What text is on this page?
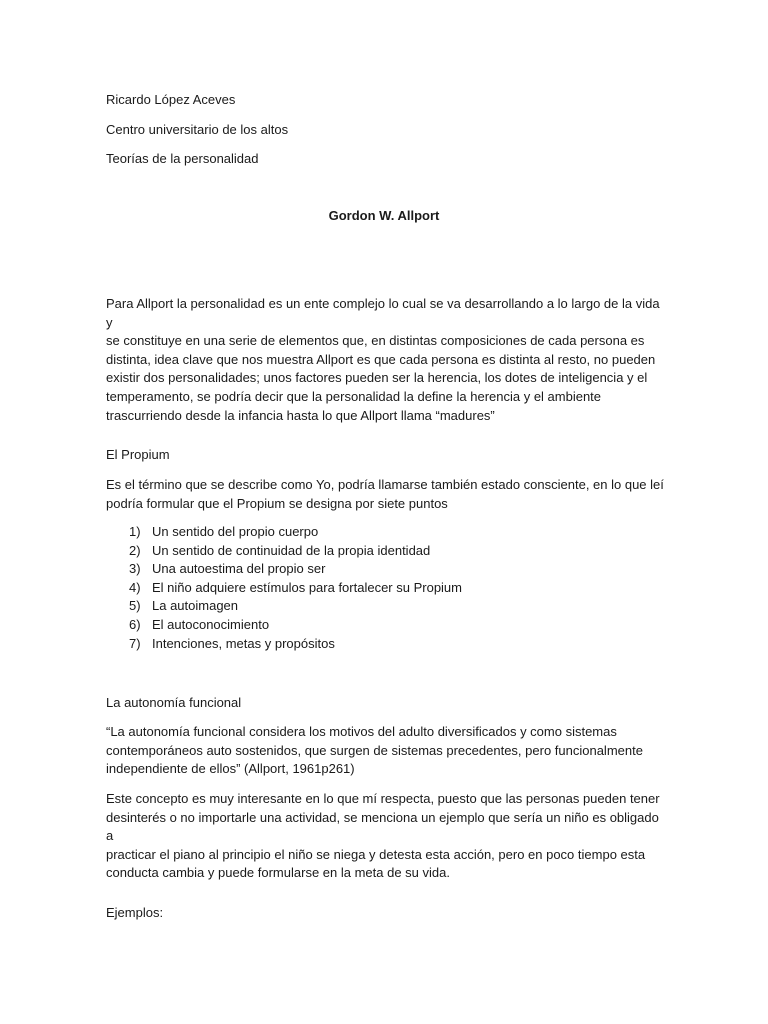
Ricardo López Aceves
Centro universitario de los altos
Teorías de la personalidad
Gordon W. Allport
Para Allport la personalidad es un ente complejo lo cual se va desarrollando a lo largo de la vida y
se constituye en una serie de elementos que, en distintas composiciones de cada persona es
distinta, idea clave que nos muestra Allport es que cada persona es distinta al resto, no pueden
existir dos personalidades; unos factores pueden ser la herencia, los dotes de inteligencia y el
temperamento, se podría decir que la personalidad la define la herencia y el ambiente
trascurriendo desde la infancia hasta lo que Allport llama “madures”
El Propium
Es el término que se describe como Yo, podría llamarse también estado consciente, en lo que leí
podría formular que el Propium se designa por siete puntos
1) Un sentido del propio cuerpo
2) Un sentido de continuidad de la propia identidad
3) Una autoestima del propio ser
4) El niño adquiere estímulos para fortalecer su Propium
5) La autoimagen
6) El autoconocimiento
7) Intenciones, metas y propósitos
La autonomía funcional
“La autonomía funcional considera los motivos del adulto diversificados y como sistemas
contemporáneos auto sostenidos, que surgen de sistemas precedentes, pero funcionalmente
independiente de ellos” (Allport, 1961p261)
Este concepto es muy interesante en lo que mí respecta, puesto que las personas pueden tener
desinterés o no importarle una actividad, se menciona un ejemplo que sería un niño es obligado a
practicar el piano al principio el niño se niega y detesta esta acción, pero en poco tiempo esta
conducta cambia y puede formularse en la meta de su vida.
Ejemplos:
